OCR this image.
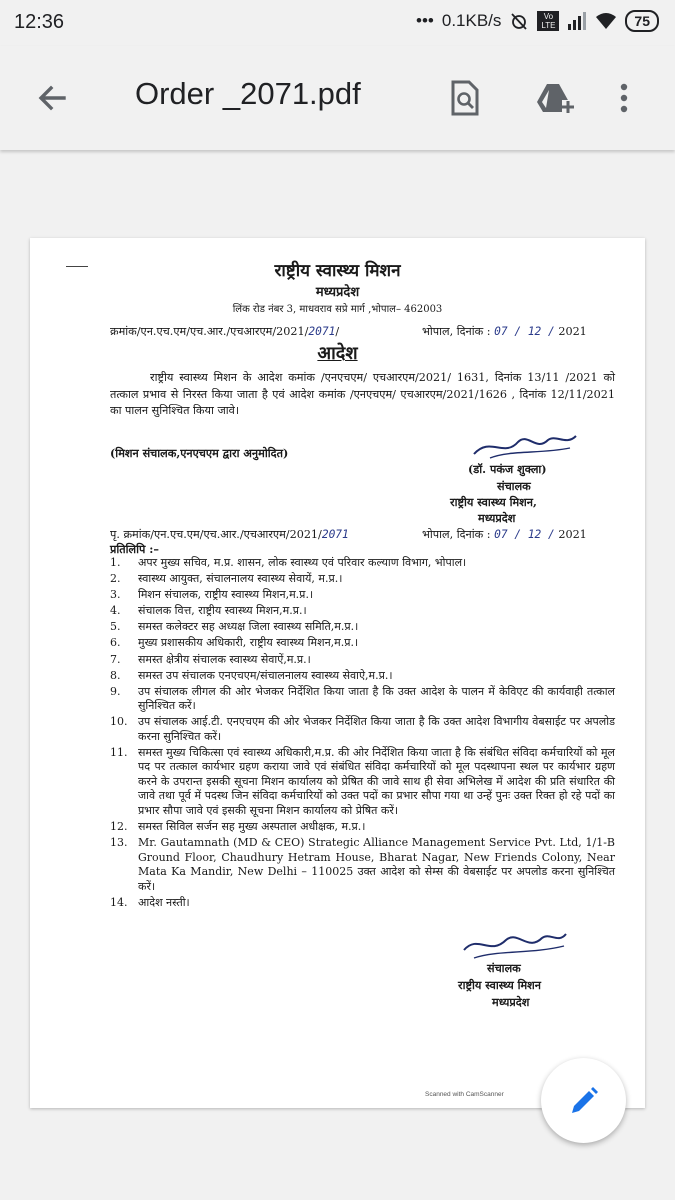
12:36	••• 0.1KB/s	Vo LTE	75
Order _2071.pdf
राष्ट्रीय स्वास्थ्य मिशन
मध्यप्रदेश
लिंक रोड नंबर 3, माधवराव सप्रे मार्ग ,भोपाल– 462003
क्रमांक/एन.एच.एम/एच.आर./एचआरएम/2021/2071/	भोपाल, दिनांक : 07 / 12 / 2021
आदेश
राष्ट्रीय स्वास्थ्य मिशन के आदेश कमांक /एनएचएम/ एचआरएम/2021/ 1631, दिनांक 13/11 /2021 को तत्काल प्रभाव से निरस्त किया जाता है एवं आदेश कमांक /एनएचएम/ एचआरएम/2021/1626 , दिनांक 12/11/2021 का पालन सुनिश्चित किया जावे।
(मिशन संचालक,एनएचएम द्वारा अनुमोदित)
(डॉ. पकंज शुक्ला)
संचालक
राष्ट्रीय स्वास्थ्य मिशन,
मध्यप्रदेश
पृ. क्रमांक/एन.एच.एम/एच.आर./एचआरएम/2021/2071	भोपाल, दिनांक : 07 / 12 / 2021
प्रतिलिपि :–
1.	अपर मुख्य सचिव, म.प्र. शासन, लोक स्वास्थ्य एवं परिवार कल्याण विभाग, भोपाल।
2.	स्वास्थ्य आयुक्त, संचालनालय स्वास्थ्य सेवायें, म.प्र.।
3.	मिशन संचालक, राष्ट्रीय स्वास्थ्य मिशन,म.प्र.।
4.	संचालक वित्त, राष्ट्रीय स्वास्थ्य मिशन,म.प्र.।
5.	समस्त कलेक्टर सह अध्यक्ष जिला स्वास्थ्य समिति,म.प्र.।
6.	मुख्य प्रशासकीय अधिकारी, राष्ट्रीय स्वास्थ्य मिशन,म.प्र.।
7.	समस्त क्षेत्रीय संचालक स्वास्थ्य सेवाऐं,म.प्र.।
8.	समस्त उप संचालक एनएचएम/संचालनालय स्वास्थ्य सेवाऐ,म.प्र.।
9.	उप संचालक लीगल की ओर भेजकर निर्देशित किया जाता है कि उक्त आदेश के पालन में केविएट की कार्यवाही तत्काल सुनिश्चित करें।
10. उप संचालक आई.टी. एनएचएम की ओर भेजकर निर्देशित किया जाता है कि उक्त आदेश विभागीय वेबसाईट पर अपलोड करना सुनिश्चित करें।
11. समस्त मुख्य चिकित्सा एवं स्वास्थ्य अधिकारी,म.प्र. की ओर निर्देशित किया जाता है कि संबंधित संविदा कर्मचारियों को मूल पद पर तत्काल कार्यभार ग्रहण कराया जावे एवं संबंधित संविदा कर्मचारियों को मूल पदस्थापना स्थल पर कार्यभार ग्रहण करने के उपरान्त इसकी सूचना मिशन कार्यालय को प्रेषित की जावे साथ ही सेवा अभिलेख में आदेश की प्रति संधारित की जावे तथा पूर्व में पदस्थ जिन संविदा कर्मचारियों को उक्त पदों का प्रभार सौपा गया था उन्हें पुनः उक्त रिक्त हो रहे पदों का प्रभार सौपा जावे एवं इसकी सूचना मिशन कार्यालय को प्रेषित करें।
12. समस्त सिविल सर्जन सह मुख्य अस्पताल अधीक्षक, म.प्र.।
13. Mr. Gautamnath (MD & CEO) Strategic Alliance Management Service Pvt. Ltd, 1/1-B Ground Floor, Chaudhury Hetram House, Bharat Nagar, New Friends Colony, Near Mata Ka Mandir, New Delhi – 110025 उक्त आदेश को सेम्स की वेबसाईट पर अपलोड करना सुनिश्चित करें।
14. आदेश नस्ती।
संचालक
राष्ट्रीय स्वास्थ्य मिशन
मध्यप्रदेश
Scanned with CamScanner
